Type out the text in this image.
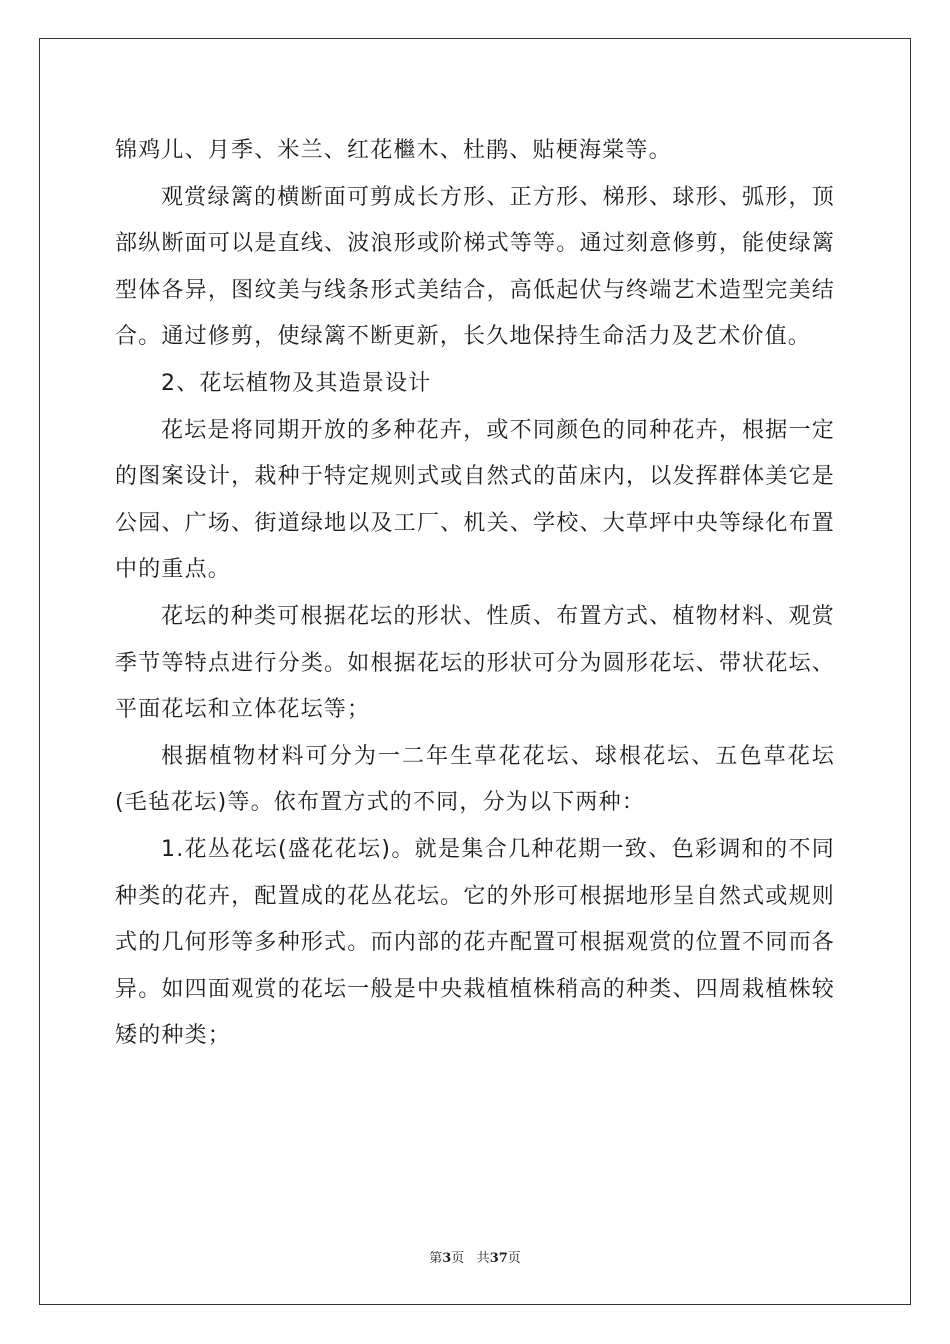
锦鸡儿、月季、米兰、红花檵木、杜鹃、贴梗海棠等。

观赏绿篱的横断面可剪成长方形、正方形、梯形、球形、弧形，顶部纵断面可以是直线、波浪形或阶梯式等等。通过刻意修剪，能使绿篱型体各异，图纹美与线条形式美结合，高低起伏与终端艺术造型完美结合。通过修剪，使绿篱不断更新，长久地保持生命活力及艺术价值。

2、花坛植物及其造景设计

花坛是将同期开放的多种花卉，或不同颜色的同种花卉，根据一定的图案设计，栽种于特定规则式或自然式的苗床内，以发挥群体美它是公园、广场、街道绿地以及工厂、机关、学校、大草坪中央等绿化布置中的重点。

花坛的种类可根据花坛的形状、性质、布置方式、植物材料、观赏季节等特点进行分类。如根据花坛的形状可分为圆形花坛、带状花坛、平面花坛和立体花坛等；

根据植物材料可分为一二年生草花花坛、球根花坛、五色草花坛(毛毡花坛)等。依布置方式的不同，分为以下两种：

1.花丛花坛(盛花花坛)。就是集合几种花期一致、色彩调和的不同种类的花卉，配置成的花丛花坛。它的外形可根据地形呈自然式或规则式的几何形等多种形式。而内部的花卉配置可根据观赏的位置不同而各异。如四面观赏的花坛一般是中央栽植植株稍高的种类、四周栽植株较矮的种类；

第3页 共37页
